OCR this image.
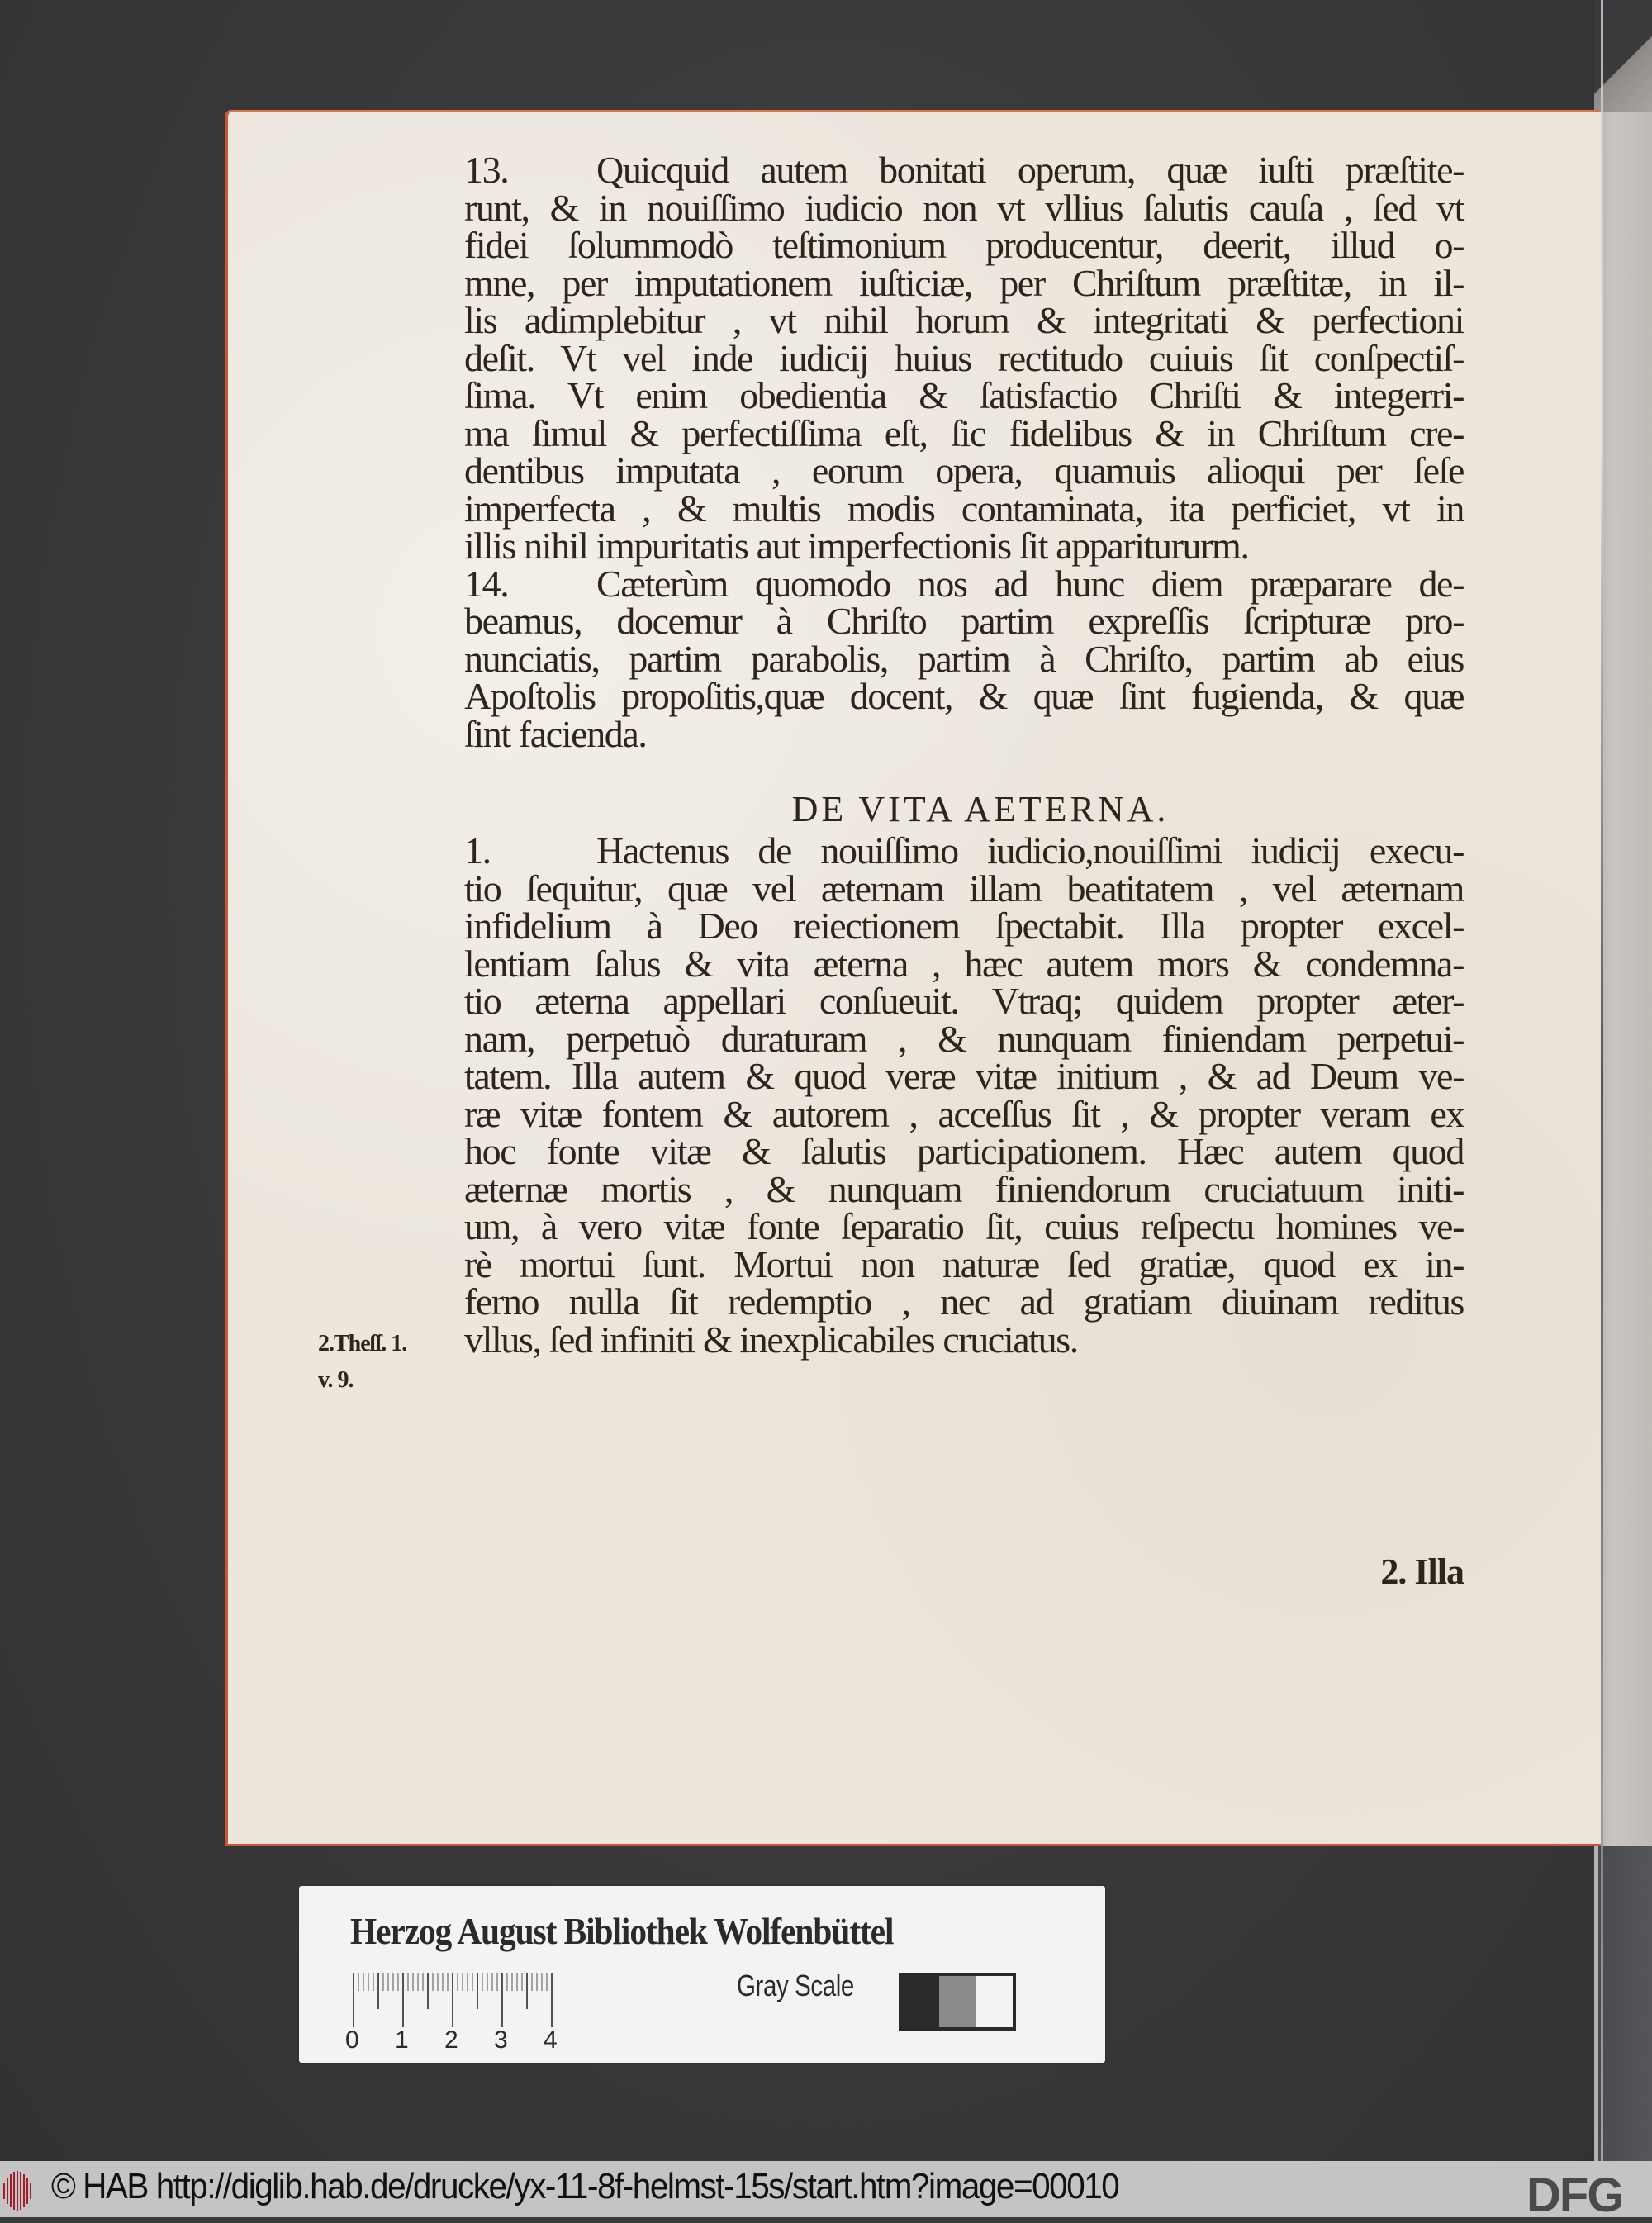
13. Quicquid autem bonitati operum, quæ iuſti præſtite-
runt, & in nouiſſimo iudicio non vt vllius ſalutis cauſa , ſed vt
fidei ſolummodò teſtimonium producentur, deerit, illud o-
mne, per imputationem iuſticiæ, per Chriſtum præſtitæ, in il-
lis adimplebitur , vt nihil horum & integritati & perfectioni
deſit. Vt vel inde iudicij huius rectitudo cuiuis ſit conſpectiſ-
ſima. Vt enim obedientia & ſatisfactio Chriſti & integerri-
ma ſimul & perfectiſſima eſt, ſic fidelibus & in Chriſtum cre-
dentibus imputata , eorum opera, quamuis alioqui per ſeſe
imperfecta , & multis modis contaminata, ita perficiet, vt in
illis nihil impuritatis aut imperfectionis ſit apparitururm.
14. Cæterùm quomodo nos ad hunc diem præparare de-
beamus, docemur à Chriſto partim expreſſis ſcripturæ pro-
nunciatis, partim parabolis, partim à Chriſto, partim ab eius
Apoſtolis propoſitis,quæ docent, & quæ ſint fugienda, & quæ
ſint facienda.
DE VITA AETERNA.
1.	Hactenus de nouiſſimo iudicio,nouiſſimi iudicij execu-
tio ſequitur, quæ vel æternam illam beatitatem , vel æternam
infidelium à Deo reiectionem ſpectabit. Illa propter excel-
lentiam ſalus & vita æterna , hæc autem mors & condemna-
tio æterna appellari conſueuit. Vtraq; quidem propter æter-
nam, perpetuò duraturam , & nunquam finiendam perpetui-
tatem. Illa autem & quod veræ vitæ initium , & ad Deum ve-
ræ vitæ fontem & autorem , acceſſus ſit , & propter veram ex
hoc fonte vitæ & ſalutis participationem. Hæc autem quod
æternæ mortis , & nunquam finiendorum cruciatuum initi-
um, à vero vitæ fonte ſeparatio ſit, cuius reſpectu homines ve-
rè mortui ſunt. Mortui non naturæ ſed gratiæ, quod ex in-
ferno nulla ſit redemptio , nec ad gratiam diuinam reditus
vllus, ſed infiniti & inexplicabiles cruciatus.
2.Theſſ. 1.
v. 9.
2. Illa
Herzog August Bibliothek Wolfenbüttel
0 1 2 3 4
Gray Scale
© HAB http://diglib.hab.de/drucke/yx-11-8f-helmst-15s/start.htm?image=00010	DFG
